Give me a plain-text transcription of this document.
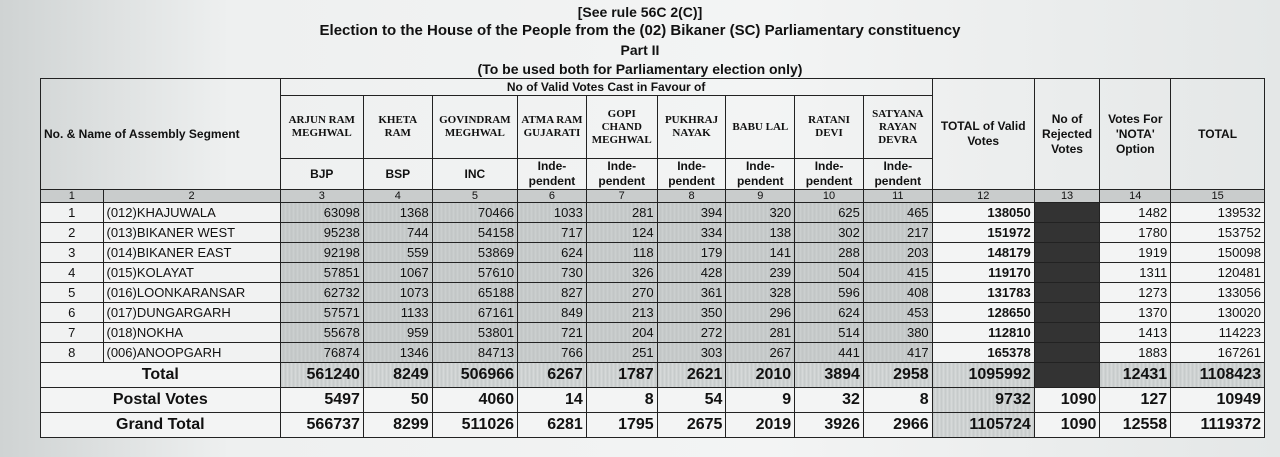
[See rule 56C 2(C)]
Election to the House of the People from the (02) Bikaner (SC) Parliamentary constituency
Part II
(To be used both for Parliamentary election only)
No. & Name of Assembly Segment		No of Valid Votes Cast in Favour of									TOTAL of Valid Votes	No of Rejected Votes	Votes For 'NOTA' Option	TOTAL
		ARJUN RAM MEGHWAL	KHETA RAM	GOVINDRAM MEGHWAL	ATMA RAM GUJARATI	GOPI CHAND MEGHWAL	PUKHRAJ NAYAK	BABU LAL	RATANI DEVI	SATYANA RAYAN DEVRA				
		BJP	BSP	INC	Inde- pendent	Inde- pendent	Inde- pendent	Inde- pendent	Inde- pendent	Inde- pendent				
1	2	3	4	5	6	7	8	9	10	11	12	13	14	15
1	(012)KHAJUWALA	63098	1368	70466	1033	281	394	320	625	465	138050		1482	139532
2	(013)BIKANER WEST	95238	744	54158	717	124	334	138	302	217	151972		1780	153752
3	(014)BIKANER EAST	92198	559	53869	624	118	179	141	288	203	148179		1919	150098
4	(015)KOLAYAT	57851	1067	57610	730	326	428	239	504	415	119170		1311	120481
5	(016)LOONKARANSAR	62732	1073	65188	827	270	361	328	596	408	131783		1273	133056
6	(017)DUNGARGARH	57571	1133	67161	849	213	350	296	624	453	128650		1370	130020
7	(018)NOKHA	55678	959	53801	721	204	272	281	514	380	112810		1413	114223
8	(006)ANOOPGARH	76874	1346	84713	766	251	303	267	441	417	165378		1883	167261
Total		561240	8249	506966	6267	1787	2621	2010	3894	2958	1095992		12431	1108423
Postal Votes		5497	50	4060	14	8	54	9	32	8	9732	1090	127	10949
Grand Total		566737	8299	511026	6281	1795	2675	2019	3926	2966	1105724	1090	12558	1119372
